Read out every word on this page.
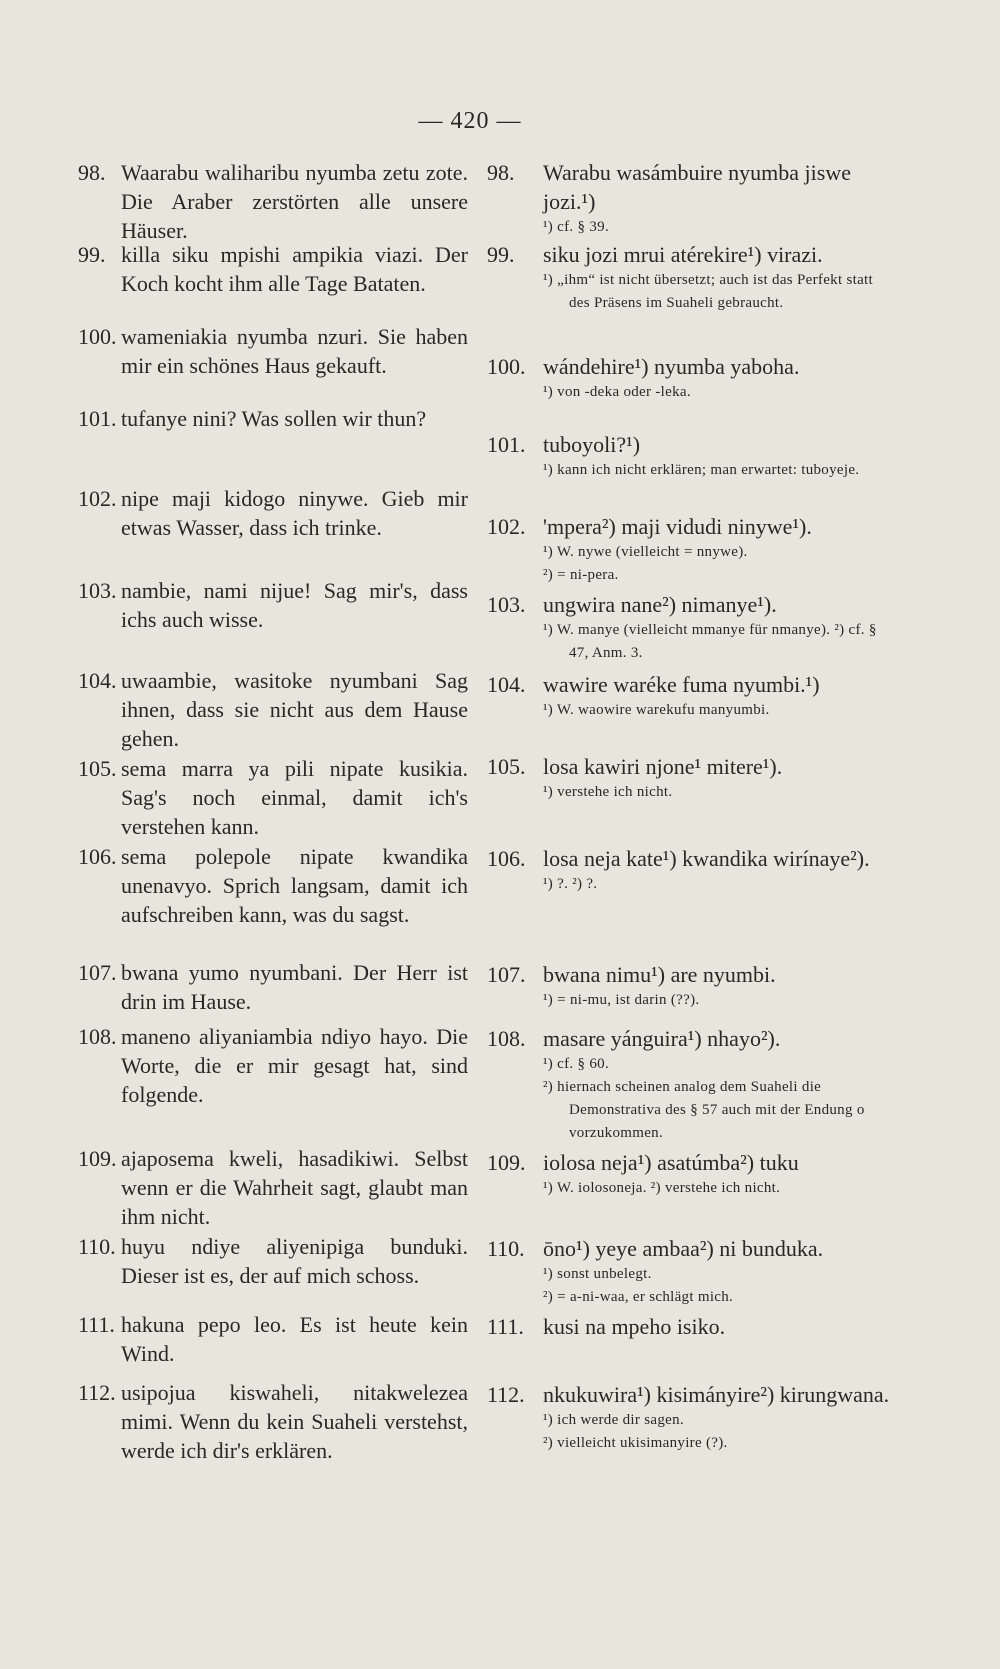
— 420 —
98. Waarabu waliharibu nyumba zetu zote. Die Araber zerstörten alle unsere Häuser.
99. killa siku mpishi ampikia viazi. Der Koch kocht ihm alle Tage Bataten.
100. wameniakia nyumba nzuri. Sie haben mir ein schönes Haus gekauft.
101. tufanye nini? Was sollen wir thun?
102. nipe maji kidogo ninywe. Gieb mir etwas Wasser, dass ich trinke.
103. nambie, nami nijue! Sag mir's, dass ichs auch wisse.
104. uwaambie, wasitoke nyumbani Sag ihnen, dass sie nicht aus dem Hause gehen.
105. sema marra ya pili nipate kusikia. Sag's noch einmal, damit ich's verstehen kann.
106. sema polepole nipate kwandika unenavyo. Sprich langsam, damit ich aufschreiben kann, was du sagst.
107. bwana yumo nyumbani. Der Herr ist drin im Hause.
108. maneno aliyaniambia ndiyo hayo. Die Worte, die er mir gesagt hat, sind folgende.
109. ajaposema kweli, hasadikiwi. Selbst wenn er die Wahrheit sagt, glaubt man ihm nicht.
110. huyu ndiye aliyenipiga bunduki. Dieser ist es, der auf mich schoss.
111. hakuna pepo leo. Es ist heute kein Wind.
112. usipojua kiswaheli, nitakwelezea mimi. Wenn du kein Suaheli verstehst, werde ich dir's erklären.
98. Warabu wasámbuire nyumba jiswe jozi.¹)
¹) cf. § 39.
99. siku jozi mrui atérekire¹) virazi.
¹) „ihm“ ist nicht übersetzt; auch ist das Perfekt statt des Präsens im Suaheli gebraucht.
100. wándehire¹) nyumba yaboha.
¹) von -deka oder -leka.
101. tuboyoli?¹)
¹) kann ich nicht erklären; man erwartet: tuboyeje.
102. 'mpera²) maji vidudi ninywe¹).
¹) W. nywe (vielleicht = nnywe).
²) = ni-pera.
103. ungwira nane²) nimanye¹).
¹) W. manye (vielleicht mmanye für nmanye). ²) cf. § 47, Anm. 3.
104. wawire waréke fuma nyumbi.¹)
¹) W. waowire warekufu manyumbi.
105. losa kawiri njone¹ mitere¹).
¹) verstehe ich nicht.
106. losa neja kate¹) kwandika wirínaye²).
¹) ?. ²) ?.
107. bwana nimu¹) are nyumbi.
¹) = ni-mu, ist darin (??).
108. masare yánguira¹) nhayo²).
¹) cf. § 60.
²) hiernach scheinen analog dem Suaheli die Demonstrativa des § 57 auch mit der Endung o vorzukommen.
109. iolosa neja¹) asatúmba²) tuku
¹) W. iolosoneja. ²) verstehe ich nicht.
110. ōno¹) yeye ambaa²) ni bunduka.
¹) sonst unbelegt.
²) = a-ni-waa, er schlägt mich.
111. kusi na mpeho isiko.
112. nkukuwira¹) kisimányire²) kirungwana.
¹) ich werde dir sagen.
²) vielleicht ukisimanyire (?).
